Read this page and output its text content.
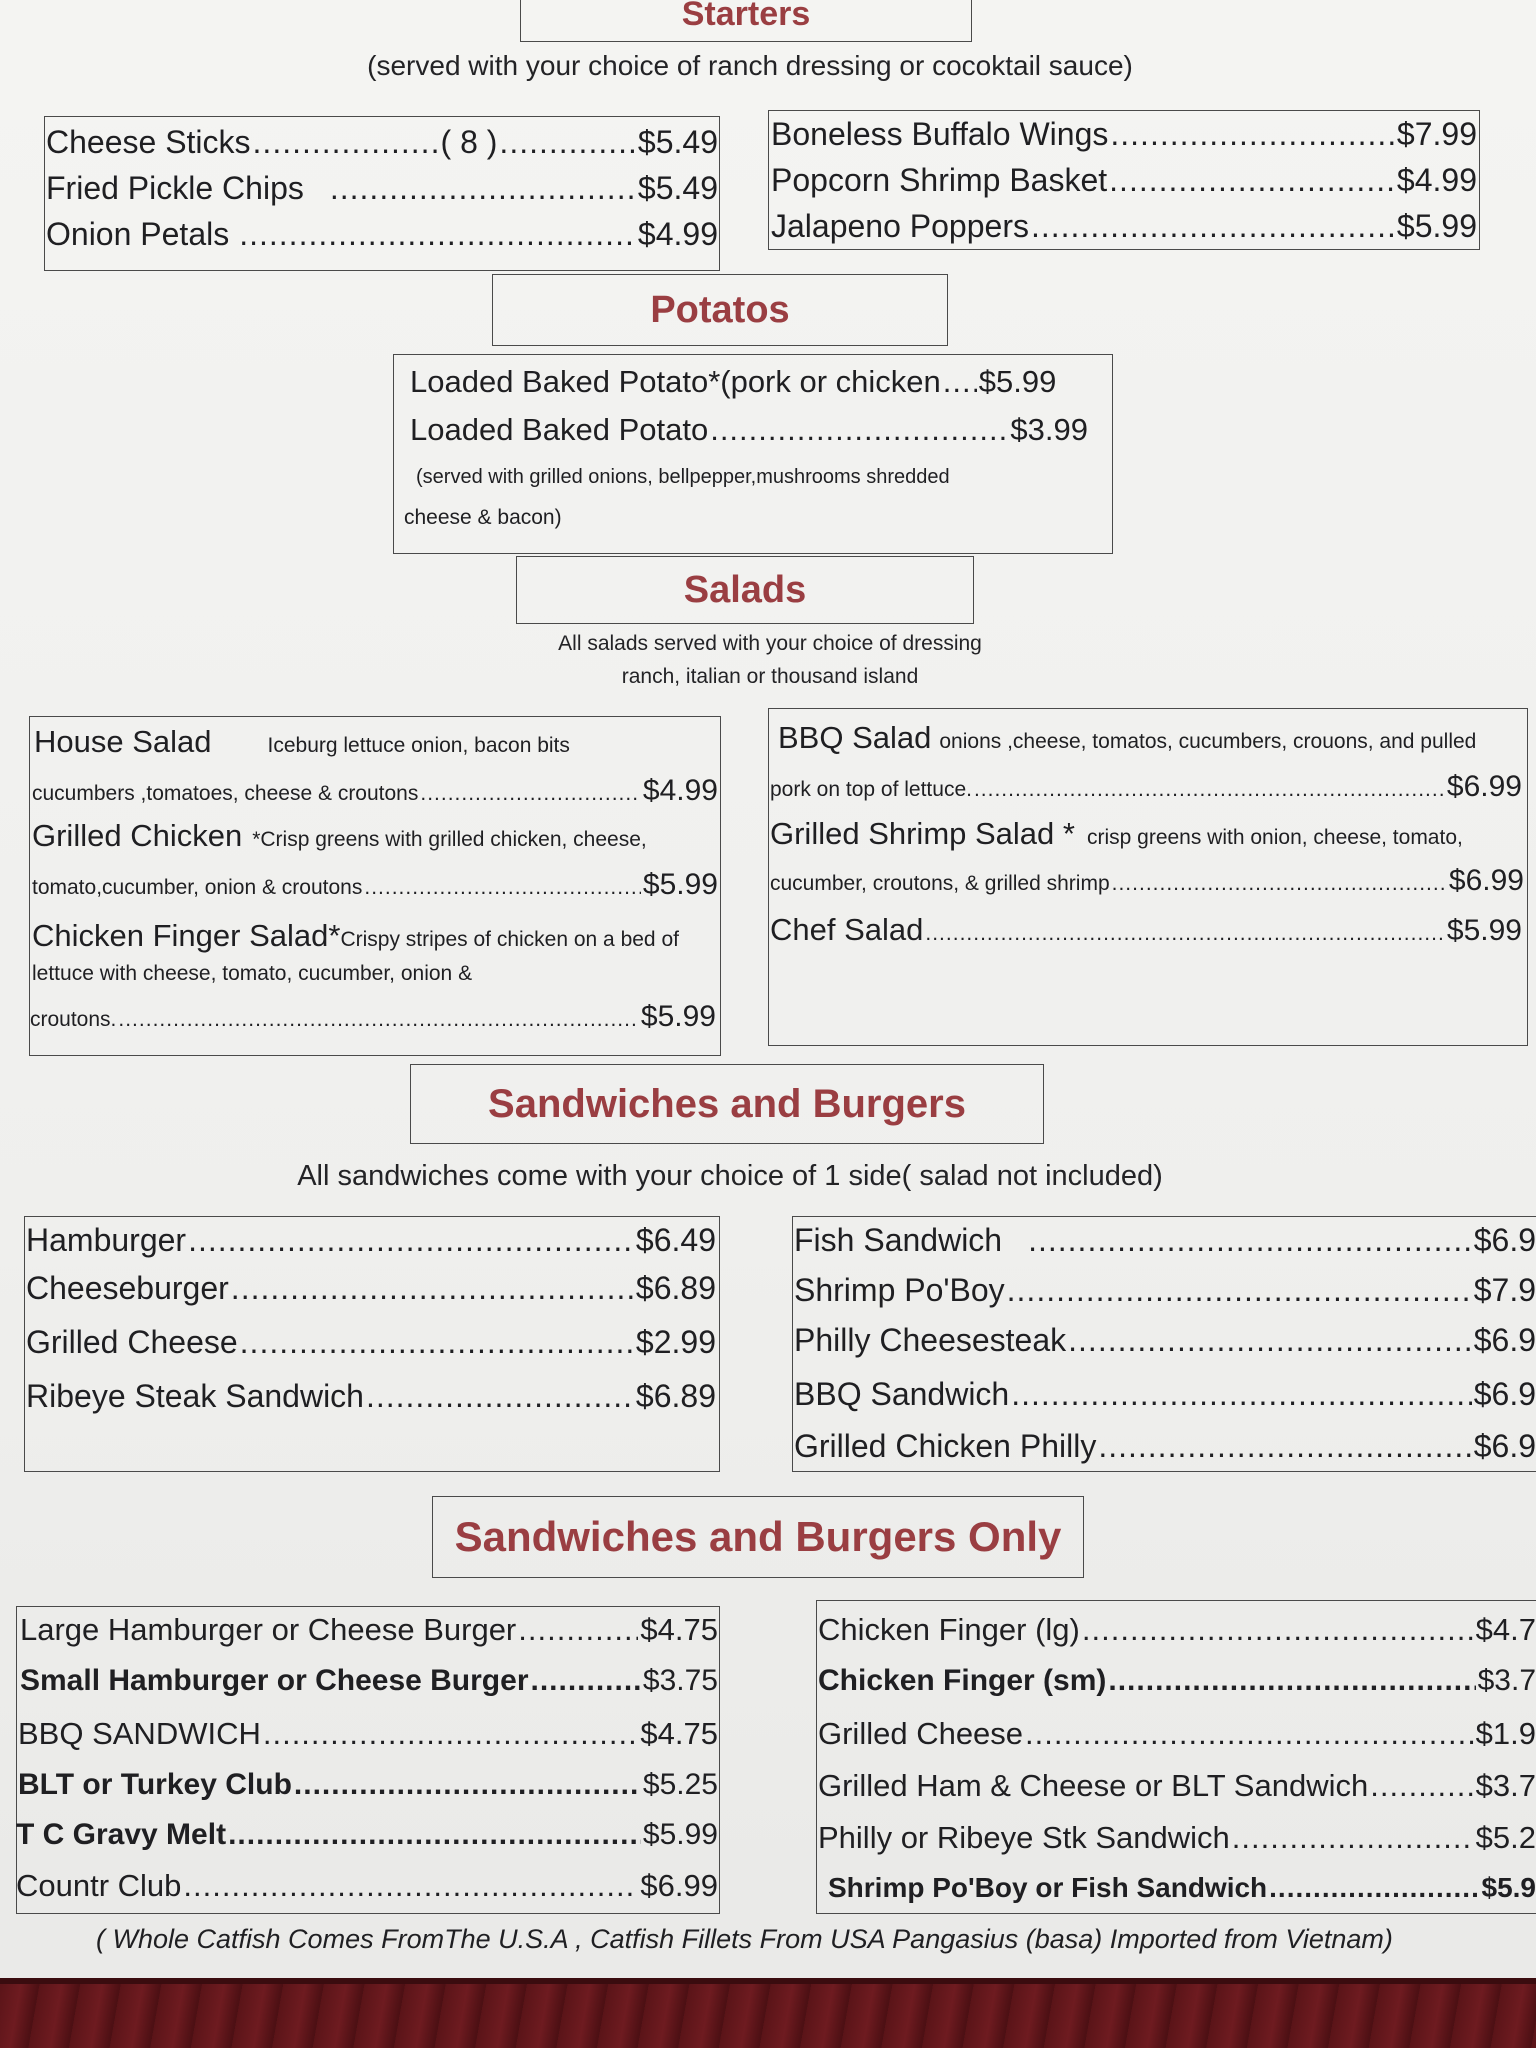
Starters
(served with your choice of ranch dressing or cocoktail sauce)
Cheese Sticks .....	( 8 ) .....	$5.49
Fried Pickle Chips .....	$5.49
Onion Petals .....	$4.99
Boneless Buffalo Wings .....	$7.99
Popcorn Shrimp Basket .....	$4.99
Jalapeno Poppers .....	$5.99
Potatos
Loaded Baked Potato*(pork or chicken ..... $5.99
Loaded Baked Potato .....	$3.99
(served with grilled onions, bellpepper,mushrooms shredded
cheese & bacon)
Salads
All salads served with your choice of dressing
ranch, italian or thousand island
House Salad	Iceburg lettuce onion, bacon bits
cucumbers ,tomatoes, cheese & croutons .....	$4.99
Grilled Chicken *Crisp greens with grilled chicken, cheese,
tomato,cucumber, onion & croutons .....	$5.99
Chicken Finger Salad* Crispy stripes of chicken on a bed of
lettuce with cheese, tomato, cucumber, onion &
croutons. .....	$5.99
BBQ Salad onions ,cheese, tomatos, cucumbers, crouons, and pulled
pork on top of lettuce. .....	$6.99
Grilled Shrimp Salad * crisp greens with onion, cheese, tomato,
cucumber, croutons, & grilled shrimp .....	$6.99
Chef Salad .....	$5.99
Sandwiches and Burgers
All sandwiches come with your choice of 1 side( salad not included)
Hamburger .....	$6.49
Cheeseburger .....	$6.89
Grilled Cheese .....	$2.99
Ribeye Steak Sandwich .....	$6.89
Fish Sandwich .....	$6.9
Shrimp Po'Boy .....	$7.9
Philly Cheesesteak .....	$6.9
BBQ Sandwich .....	$6.9
Grilled Chicken Philly .....	$6.9
Sandwiches and Burgers Only
Large Hamburger or Cheese Burger .....	$4.75
Small Hamburger or Cheese Burger .....	$3.75
BBQ SANDWICH .....	$4.75
BLT or Turkey Club .....	$5.25
T C Gravy Melt .....	$5.99
Countr Club .....	$6.99
Chicken Finger (lg) .....	$4.7
Chicken Finger (sm) .....	$3.7
Grilled Cheese .....	$1.9
Grilled Ham & Cheese or BLT Sandwich .....	$3.7
Philly or Ribeye Stk Sandwich .....	$5.2
Shrimp Po'Boy or Fish Sandwich .....	$5.9
( Whole Catfish Comes FromThe U.S.A , Catfish Fillets From USA Pangasius (basa) Imported from Vietnam)
